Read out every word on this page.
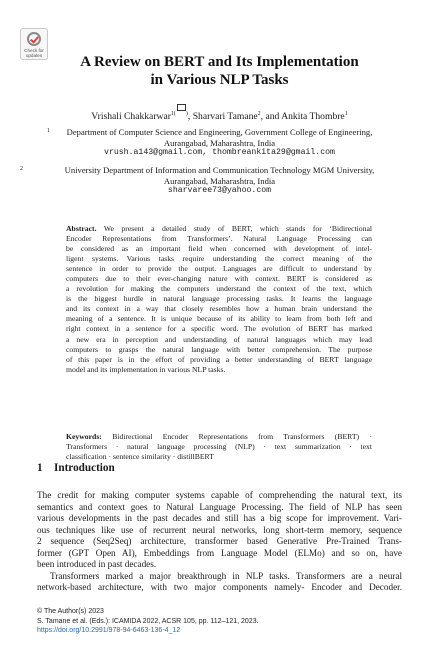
Check for
updates	A Review on BERT and Its Implementation
in Various NLP Tasks
Vrishali Chakkarwar$^{1( )}$, Sharvari Tamane$^2$, and Ankita Thombre$^1$
1	Department of Computer Science and Engineering, Government College of Engineering,
Aurangabad, Maharashtra, India
vrush.a143@gmail.com, thombreankita29@gmail.com
2	University Department of Information and Communication Technology MGM University,
Aurangabad, Maharashtra, India
sharvaree73@yahoo.com
Abstract. We present a detailed study of BERT, which stands for ‘Bidirectional
Encoder Representations from Transformers’. Natural Language Processing can
be considered as an important field when concerned with development of intel-
ligent systems. Various tasks require understanding the correct meaning of the
sentence in order to provide the output. Languages are difficult to understand by
computers due to their ever-changing nature with context. BERT is considered as
a revolution for making the computers understand the context of the text, which
is the biggest hurdle in natural language processing tasks. It learns the language
and its context in a way that closely resembles how a human brain understand the
meaning of a sentence. It is unique because of its ability to learn from both left and
right context in a sentence for a specific word. The evolution of BERT has marked
a new era in perception and understanding of natural languages which may lead
computers to grasps the natural language with better comprehension. The purpose
of this paper is in the effort of providing a better understanding of BERT language
model and its implementation in various NLP tasks.
Keywords: Bidirectional Encoder Representations from Transformers (BERT) ·
Transformers · natural language processing (NLP) · text summarization · text
classification · sentence similarity · distillBERT
1 Introduction
The credit for making computer systems capable of comprehending the natural text, its
semantics and context goes to Natural Language Processing. The field of NLP has seen
various developments in the past decades and still has a big scope for improvement. Vari-
ous techniques like use of recurrent neural networks, long short-term memory, sequence
2 sequence (Seq2Seq) architecture, transformer based Generative Pre-Trained Trans-
former (GPT Open AI), Embeddings from Language Model (ELMo) and so on, have
been introduced in past decades.
Transformers marked a major breakthrough in NLP tasks. Transformers are a neural
network-based architecture, with two major components namely- Encoder and Decoder.
© The Author(s) 2023
S. Tamane et al. (Eds.): ICAMIDA 2022, ACSR 105, pp. 112–121, 2023.
https://doi.org/10.2991/978-94-6463-136-4_12
